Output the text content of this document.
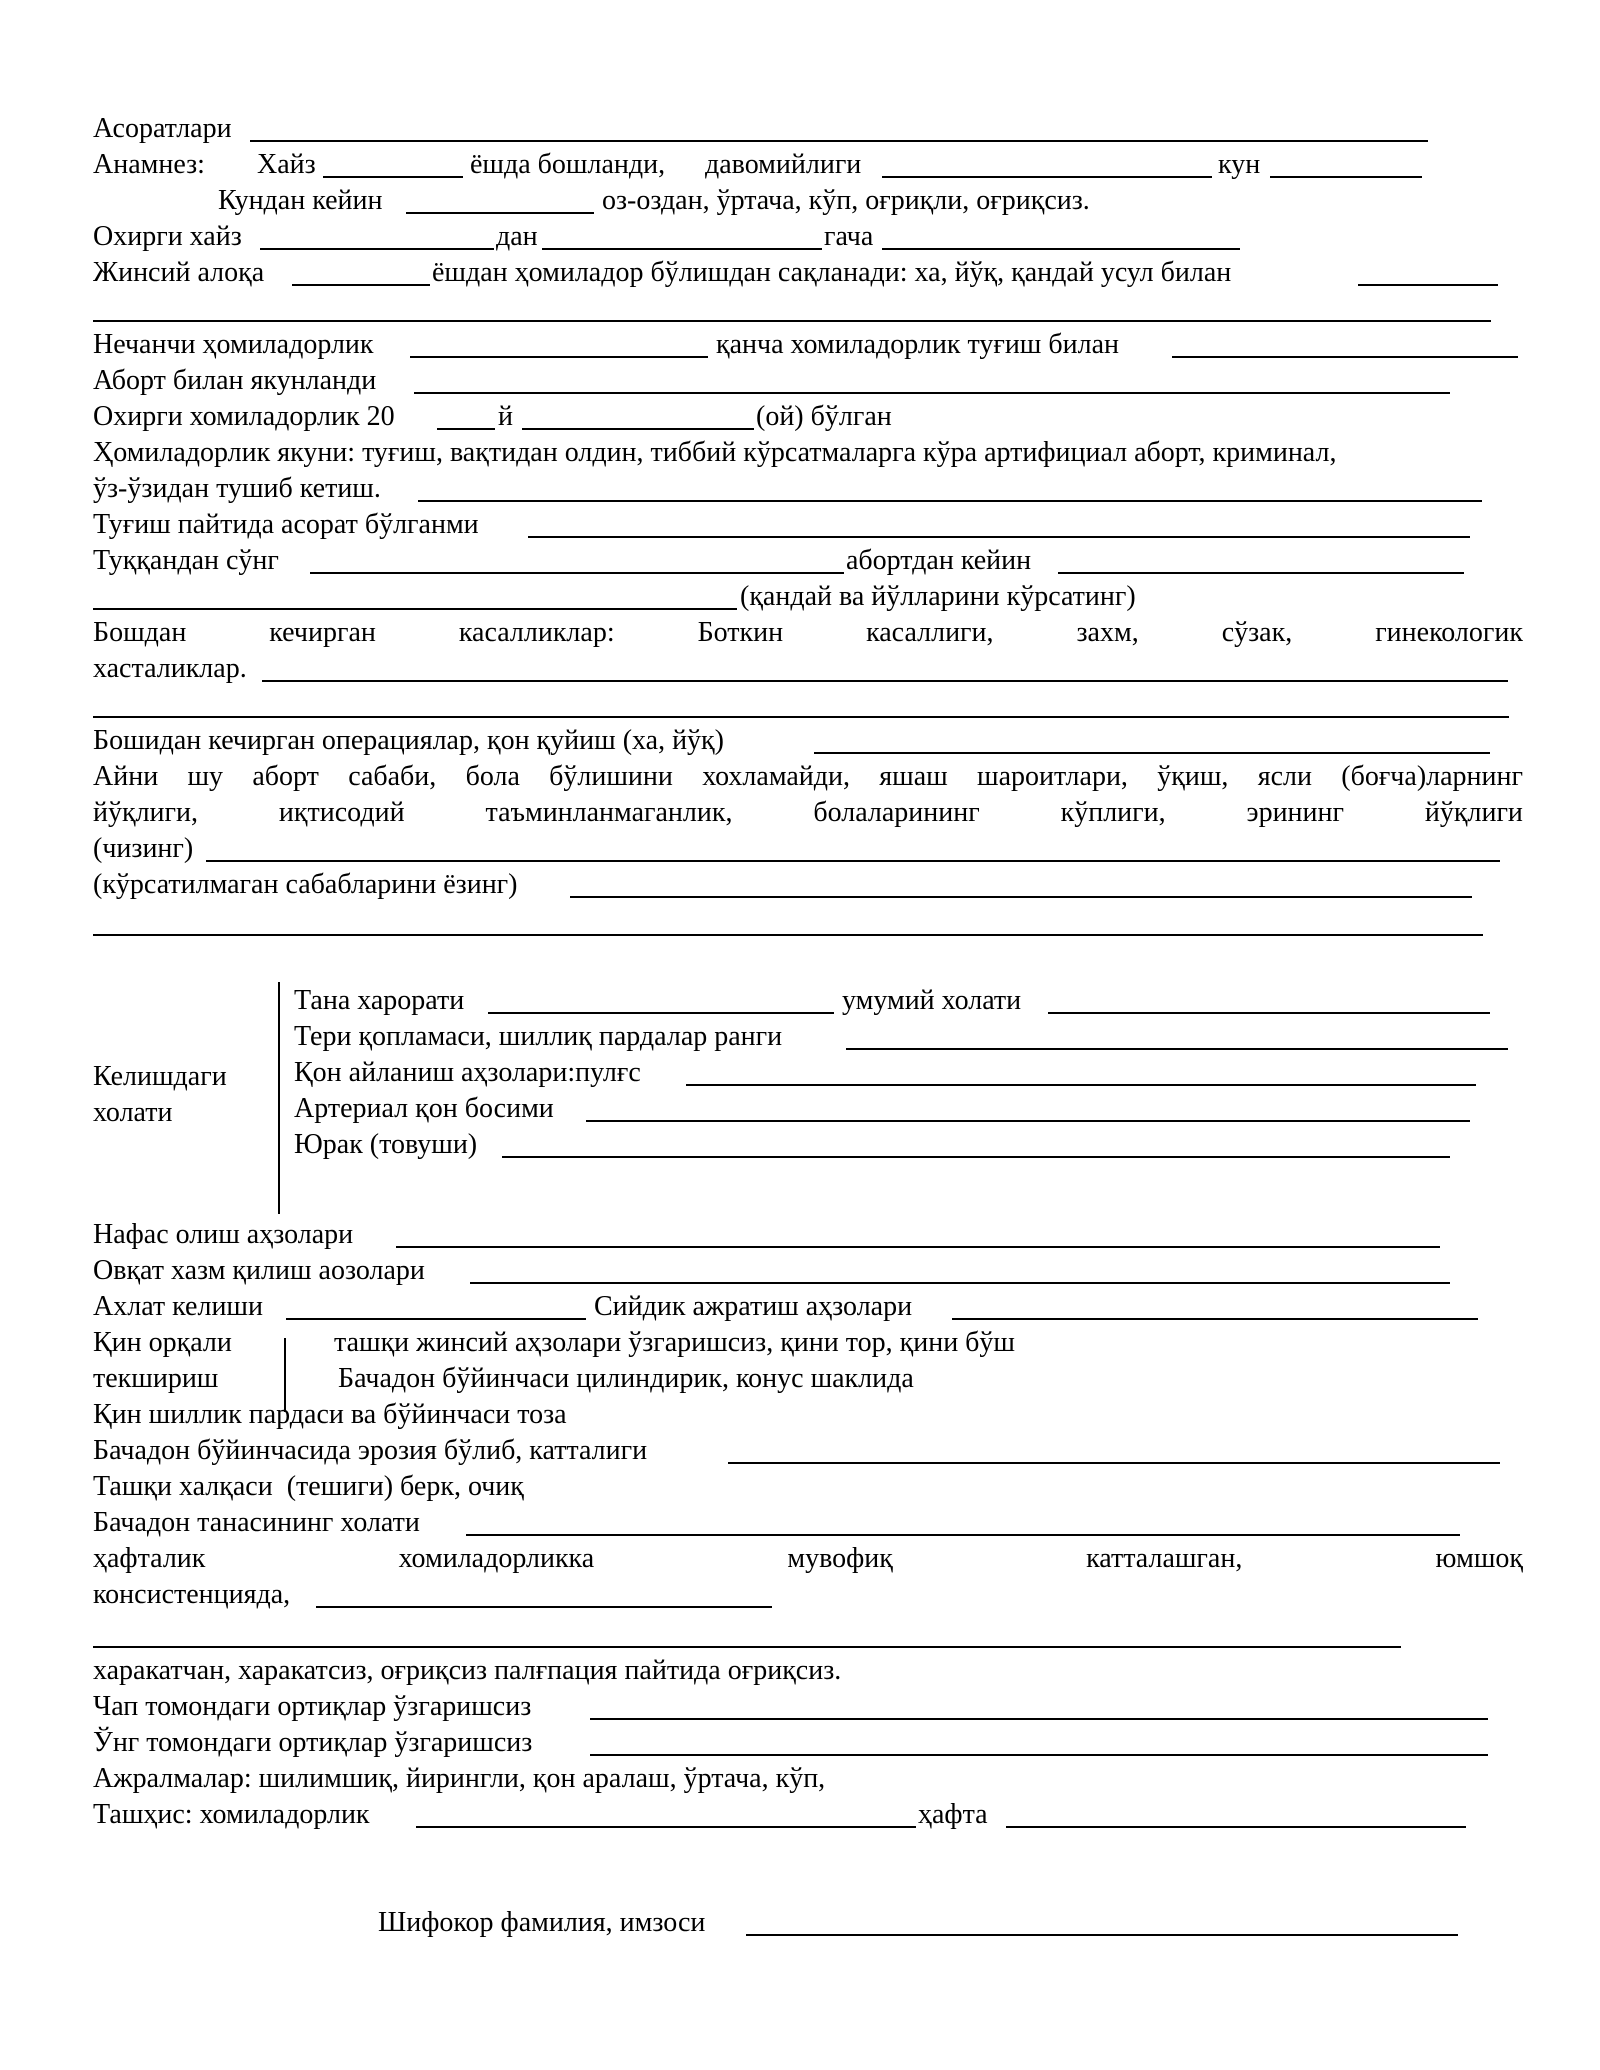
Асоратлари
Анамнез: Хайз	ёшда бошланди, давомийлиги	кун
Кундан кейин	оз-оздан, ўртача, кўп, оғриқли, оғриқсиз.
Охирги хайз	дан	гача
Жинсий алоқа	ёшдан ҳомиладор бўлишдан сақланади: ха, йўқ, қандай усул билан
Нечанчи ҳомиладорлик	қанча хомиладорлик туғиш билан
Аборт билан якунланди
Охирги хомиладорлик 20	й	(ой) бўлган
Ҳомиладорлик якуни: туғиш, вақтидан олдин, тиббий кўрсатмаларга кўра артифициал аборт, криминал,
ўз-ўзидан тушиб кетиш.
Туғиш пайтида асорат бўлганми
Туққандан сўнг	абортдан кейин
(қандай ва йўлларини кўрсатинг)
Бошдан	кечирган	касалликлар:	Боткин	касаллиги,	захм,	сўзак,	гинекологик
хасталиклар.
Бошидан кечирган операциялар, қон қуйиш (ха, йўқ)
Айни шу аборт сабаби, бола бўлишини хохламайди, яшаш шароитлари, ўқиш, ясли (боғча)ларнинг
йўқлиги,	иқтисодий	таъминланмаганлик,	болаларининг	кўплиги,	эрининг	йўқлиги
(чизинг)
(кўрсатилмаган сабабларини ёзинг)
Келишдаги
холати
Тана харорати	умумий холати
Тери қопламаси, шиллиқ пардалар ранги
Қон айланиш аҳзолари:пулғс
Артериал қон босими
Юрак (товуши)
Нафас олиш аҳзолари
Овқат хазм қилиш аозолари
Ахлат келиши	Сийдик ажратиш аҳзолари
Қин орқали
текшириш
ташқи жинсий аҳзолари ўзгаришсиз, қини тор, қини бўш
Бачадон бўйинчаси цилиндирик, конус шаклида
Қин шиллик пардаси ва бўйинчаси тоза
Бачадон бўйинчасида эрозия бўлиб, катталиги
Ташқи халқаси  (тешиги) берк, очиқ
Бачадон танасининг холати
ҳафталик	хомиладорликка	мувофиқ	катталашган,	юмшоқ
консистенцияда,
харакатчан, харакатсиз, оғриқсиз палғпация пайтида оғриқсиз.
Чап томондаги ортиқлар ўзгаришсиз
Ўнг томондаги ортиқлар ўзгаришсиз
Ажралмалар: шилимшиқ, йирингли, қон аралаш, ўртача, кўп,
Ташҳис: хомиладорлик	ҳафта
Шифокор фамилия, имзоси
